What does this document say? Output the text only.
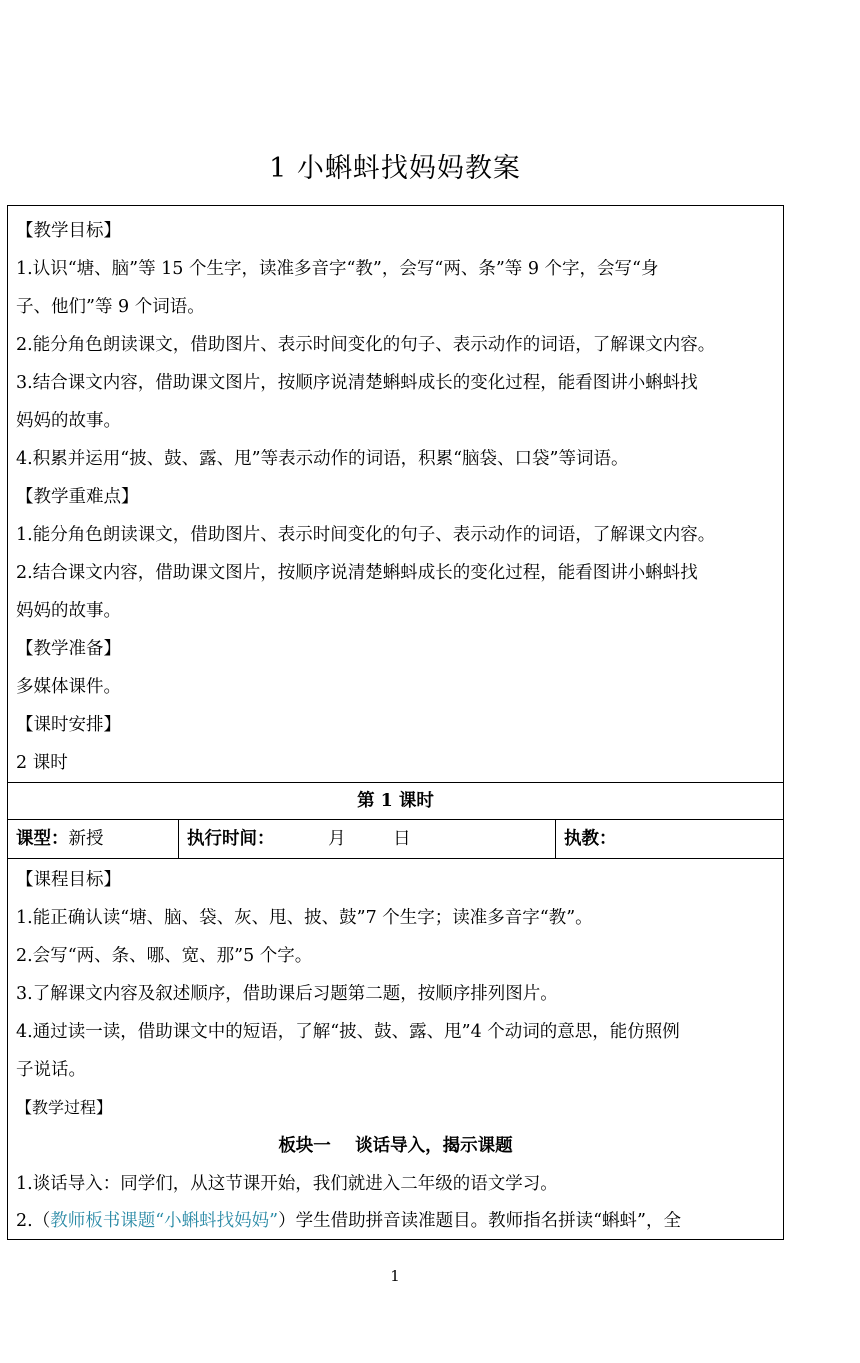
1 小蝌蚪找妈妈教案
【教学目标】
1.认识“塘、脑”等 15 个生字，读准多音字“教”，会写“两、条”等 9 个字，会写“身
子、他们”等 9 个词语。
2.能分角色朗读课文，借助图片、表示时间变化的句子、表示动作的词语，了解课文内容。
3.结合课文内容，借助课文图片，按顺序说清楚蝌蚪成长的变化过程，能看图讲小蝌蚪找
妈妈的故事。
4.积累并运用“披、鼓、露、甩”等表示动作的词语，积累“脑袋、口袋”等词语。
【教学重难点】
1.能分角色朗读课文，借助图片、表示时间变化的句子、表示动作的词语，了解课文内容。
2.结合课文内容，借助课文图片，按顺序说清楚蝌蚪成长的变化过程，能看图讲小蝌蚪找
妈妈的故事。
【教学准备】
多媒体课件。
【课时安排】
2 课时
第 1 课时
课型：新授	执行时间：	月	日	执教：
【课程目标】
1.能正确认读“塘、脑、袋、灰、甩、披、鼓”7 个生字；读准多音字“教”。
2.会写“两、条、哪、宽、那”5 个字。
3.了解课文内容及叙述顺序，借助课后习题第二题，按顺序排列图片。
4.通过读一读，借助课文中的短语，了解“披、鼓、露、甩”4 个动词的意思，能仿照例
子说话。
【教学过程】
板块一    谈话导入，揭示课题
1.谈话导入：同学们，从这节课开始，我们就进入二年级的语文学习。
2.（教师板书课题“小蝌蚪找妈妈”）学生借助拼音读准题目。教师指名拼读“蝌蚪”，全
1
